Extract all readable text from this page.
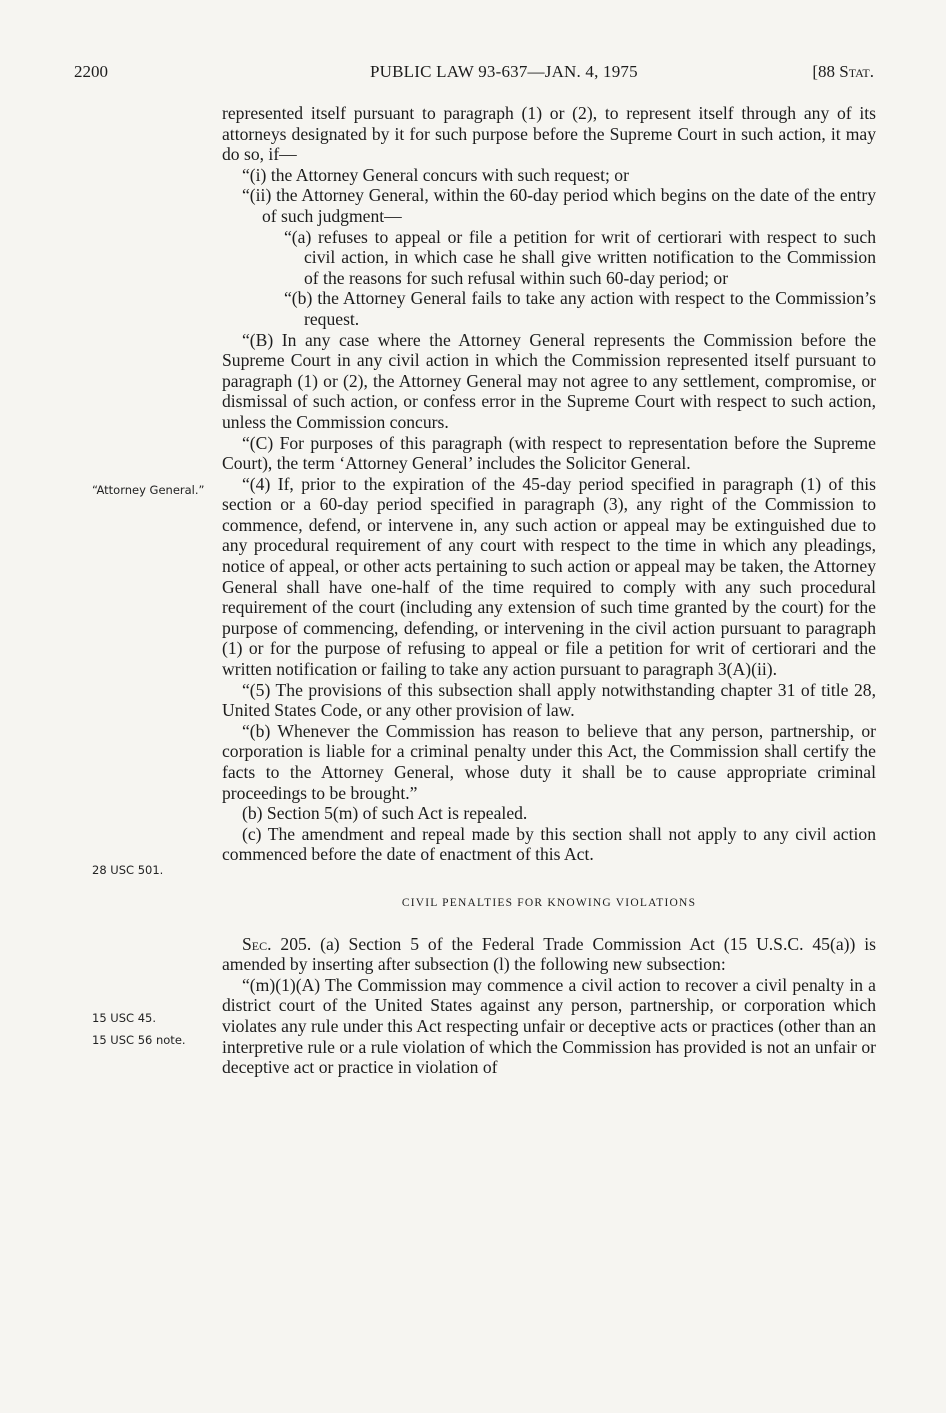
2200	PUBLIC LAW 93-637—JAN. 4, 1975	[88 Stat.
“Attorney General.”
28 USC 501.
15 USC 45.
15 USC 56 note.

represented itself pursuant to paragraph (1) or (2), to represent itself through any of its attorneys designated by it for such purpose before the Supreme Court in such action, it may do so, if—

“(i) the Attorney General concurs with such request; or

“(ii) the Attorney General, within the 60-day period which begins on the date of the entry of such judgment—

“(a) refuses to appeal or file a petition for writ of certiorari with respect to such civil action, in which case he shall give written notification to the Commission of the reasons for such refusal within such 60-day period; or

“(b) the Attorney General fails to take any action with respect to the Commission’s request.

“(B) In any case where the Attorney General represents the Commission before the Supreme Court in any civil action in which the Commission represented itself pursuant to paragraph (1) or (2), the Attorney General may not agree to any settlement, compromise, or dismissal of such action, or confess error in the Supreme Court with respect to such action, unless the Commission concurs.

“(C) For purposes of this paragraph (with respect to representation before the Supreme Court), the term ‘Attorney General’ includes the Solicitor General.

“(4) If, prior to the expiration of the 45-day period specified in paragraph (1) of this section or a 60-day period specified in paragraph (3), any right of the Commission to commence, defend, or intervene in, any such action or appeal may be extinguished due to any procedural requirement of any court with respect to the time in which any pleadings, notice of appeal, or other acts pertaining to such action or appeal may be taken, the Attorney General shall have one-half of the time required to comply with any such procedural requirement of the court (including any extension of such time granted by the court) for the purpose of commencing, defending, or intervening in the civil action pursuant to paragraph (1) or for the purpose of refusing to appeal or file a petition for writ of certiorari and the written notification or failing to take any action pursuant to paragraph 3(A)(ii).

“(5) The provisions of this subsection shall apply notwithstanding chapter 31 of title 28, United States Code, or any other provision of law.

“(b) Whenever the Commission has reason to believe that any person, partnership, or corporation is liable for a criminal penalty under this Act, the Commission shall certify the facts to the Attorney General, whose duty it shall be to cause appropriate criminal proceedings to be brought.”

(b) Section 5(m) of such Act is repealed.

(c) The amendment and repeal made by this section shall not apply to any civil action commenced before the date of enactment of this Act.

CIVIL PENALTIES FOR KNOWING VIOLATIONS

Sec. 205. (a) Section 5 of the Federal Trade Commission Act (15 U.S.C. 45(a)) is amended by inserting after subsection (l) the following new subsection:

“(m)(1)(A) The Commission may commence a civil action to recover a civil penalty in a district court of the United States against any person, partnership, or corporation which violates any rule under this Act respecting unfair or deceptive acts or practices (other than an interpretive rule or a rule violation of which the Commission has provided is not an unfair or deceptive act or practice in violation of
